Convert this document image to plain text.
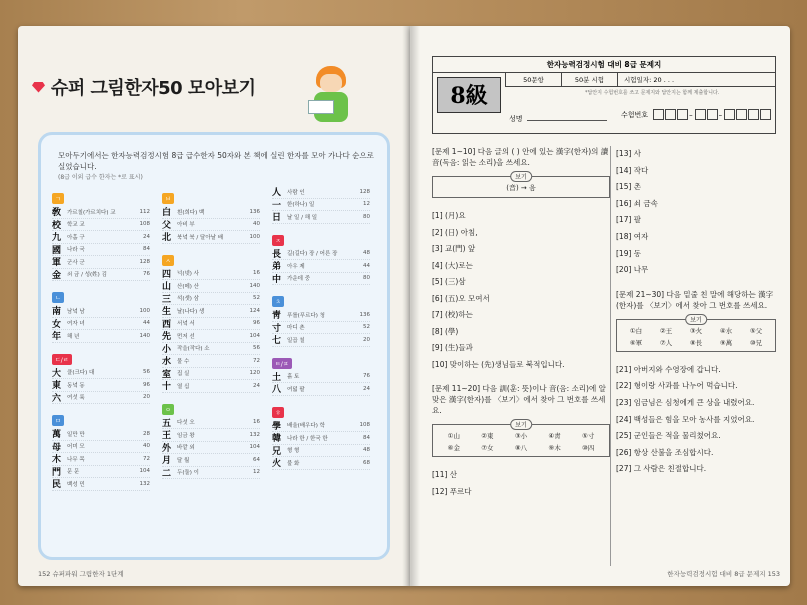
슈퍼 그림한자50 모아보기
모아두기에서는 한자능력검정시험 8급 급수한자 50자와 본 책에 실린 한자를 모아 가나다 순으로 실었습니다.
(8급 이외 급수 한자는 *로 표시)
ㄱ
敎	가르칠(가르치다) 교	112
校	학교 교	108
九	아홉 구	24
國	나라 국	84
軍	군사 군	128
金	쇠 금 / 성(姓) 김	76
ㄴ
南	남녘 남	100
女	여자 녀	44
年	해 년	140
ㄷ/ㄹ
大	클(크다) 대	56
東	동녘 동	96
六	여섯 륙	20
ㅁ
萬	일만 만	28
母	어미 모	40
木	나무 목	72
門	문 문	104
民	백성 민	132
ㅂ
白	흰(희다) 백	136
父	아비 부	40
北	북녘 북 / 달아날 배	100
ㅅ
四	넉(넷) 사	16
山	산(메) 산	140
三	석(셋) 삼	52
生	날(나다) 생	124
西	서녘 서	96
先	먼저 선	104
小	작을(작다) 소	56
水	물 수	72
室	집 실	120
十	열 십	24
ㅇ
五	다섯 오	16
王	임금 왕	132
外	바깥 외	104
月	달 월	64
二	두(둘) 이	12
人	사람 인	128
一	한(하나) 일	12
日	날 일 / 해 일	80
ㅈ
長	길(길다) 장 / 어른 장	48
弟	아우 제	44
中	가운데 중	80
ㅊ
靑	푸를(푸르다) 청	136
寸	마디 촌	52
七	일곱 칠	20
ㅌ/ㅍ
土	흙 토	76
八	여덟 팔	24
ㅎ
學	배울(배우다) 학	108
韓	나라 한 / 한국 한	84
兄	형 형	48
火	불 화	68
152 슈퍼파워 그림한자 1단계
한자능력검정시험 대비 8급 문제지
8級
50문항	50분 시험	시험일자: 20 . . .
*답안지 수험번호를 쓰고 문제지와 답안지는 함께 제출합니다.
성명
수험번호	–	–
[문제 1~10] 다음 글의 ( ) 안에 있는 漢字(한자)의 讀音(독음: 읽는 소리)을 쓰세요.
보기
(音) → 음
[1] (月)요
[2] (日) 아침,
[3] 교(門) 앞
[4] (大)로는
[5] (三)삼
[6] (五)오 모여서
[7] (校)하는
[8] (學)
[9] (生)들과
[10] 맞이하는 (先)생님들로 북적입니다.
[문제 11~20] 다음 訓(훈: 뜻)이나 音(음: 소리)에 알맞은 漢字(한자)를 〈보기〉에서 찾아 그 번호를 쓰세요.
보기
①山	②東	③小	④靑	⑤寸
⑥金	⑦女	⑧八	⑨木	⑩四
[11] 산
[12] 푸르다
[13] 사
[14] 작다
[15] 촌
[16] 쇠 금속
[17] 팔
[18] 여자
[19] 동
[20] 나무
[문제 21~30] 다음 밑줄 친 말에 해당하는 漢字(한자)를 〈보기〉에서 찾아 그 번호를 쓰세요.
보기
①白	②王	③火	④水	⑤父
⑥軍	⑦人	⑧長	⑨萬	⑩兄
[21] 아버지와 수영장에 갑니다.
[22] 형이랑 사과를 나누어 먹습니다.
[23] 임금님은 심청에게 큰 상을 내렸어요.
[24] 백성들은 힘을 모아 농사를 지었어요.
[25] 군인들은 적을 물리쳤어요.
[26] 항상 산불을 조심합시다.
[27] 그 사람은 친절합니다.
한자능력검정시험 대비 8급 문제지 153
